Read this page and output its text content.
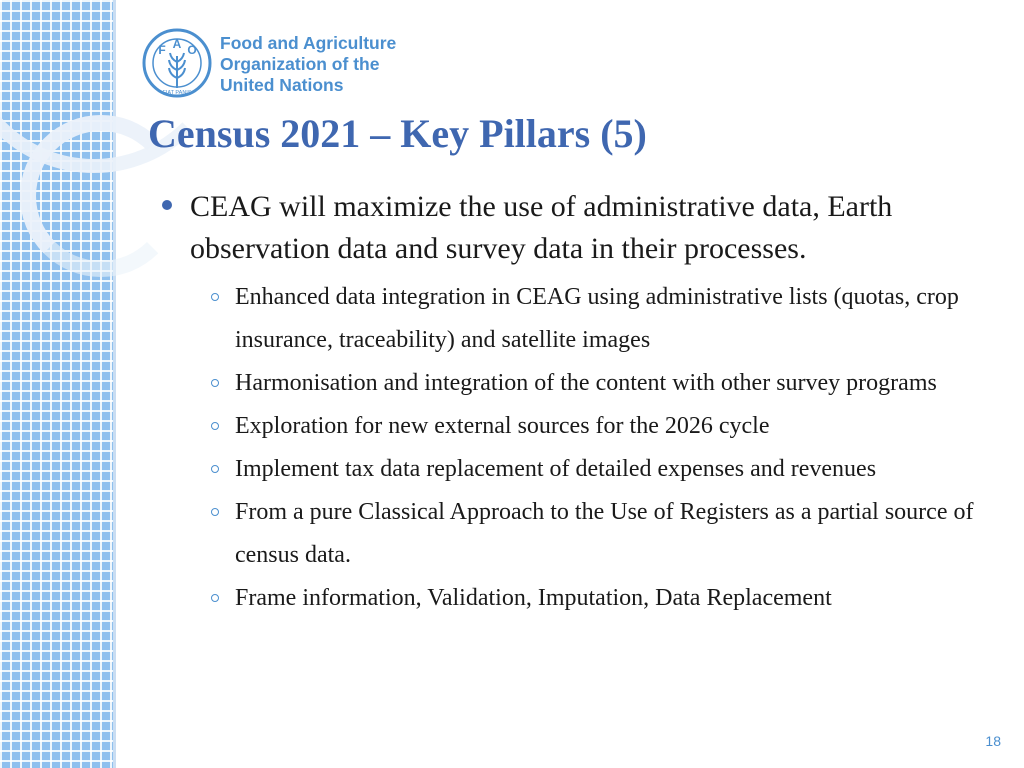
F A O
FIAT PANIS
Food and Agriculture
Organization of the
United Nations
Census 2021 – Key Pillars (5)
CEAG will maximize the use of administrative data, Earth observation data and survey data in their processes.
Enhanced data integration in CEAG using administrative lists (quotas, crop insurance, traceability) and satellite images
Harmonisation and integration of the content with other survey programs
Exploration for new external sources for the 2026 cycle
Implement tax data replacement of detailed expenses and revenues
From a pure Classical Approach to the Use of Registers as a partial source of census data.
Frame information, Validation, Imputation, Data Replacement
18
